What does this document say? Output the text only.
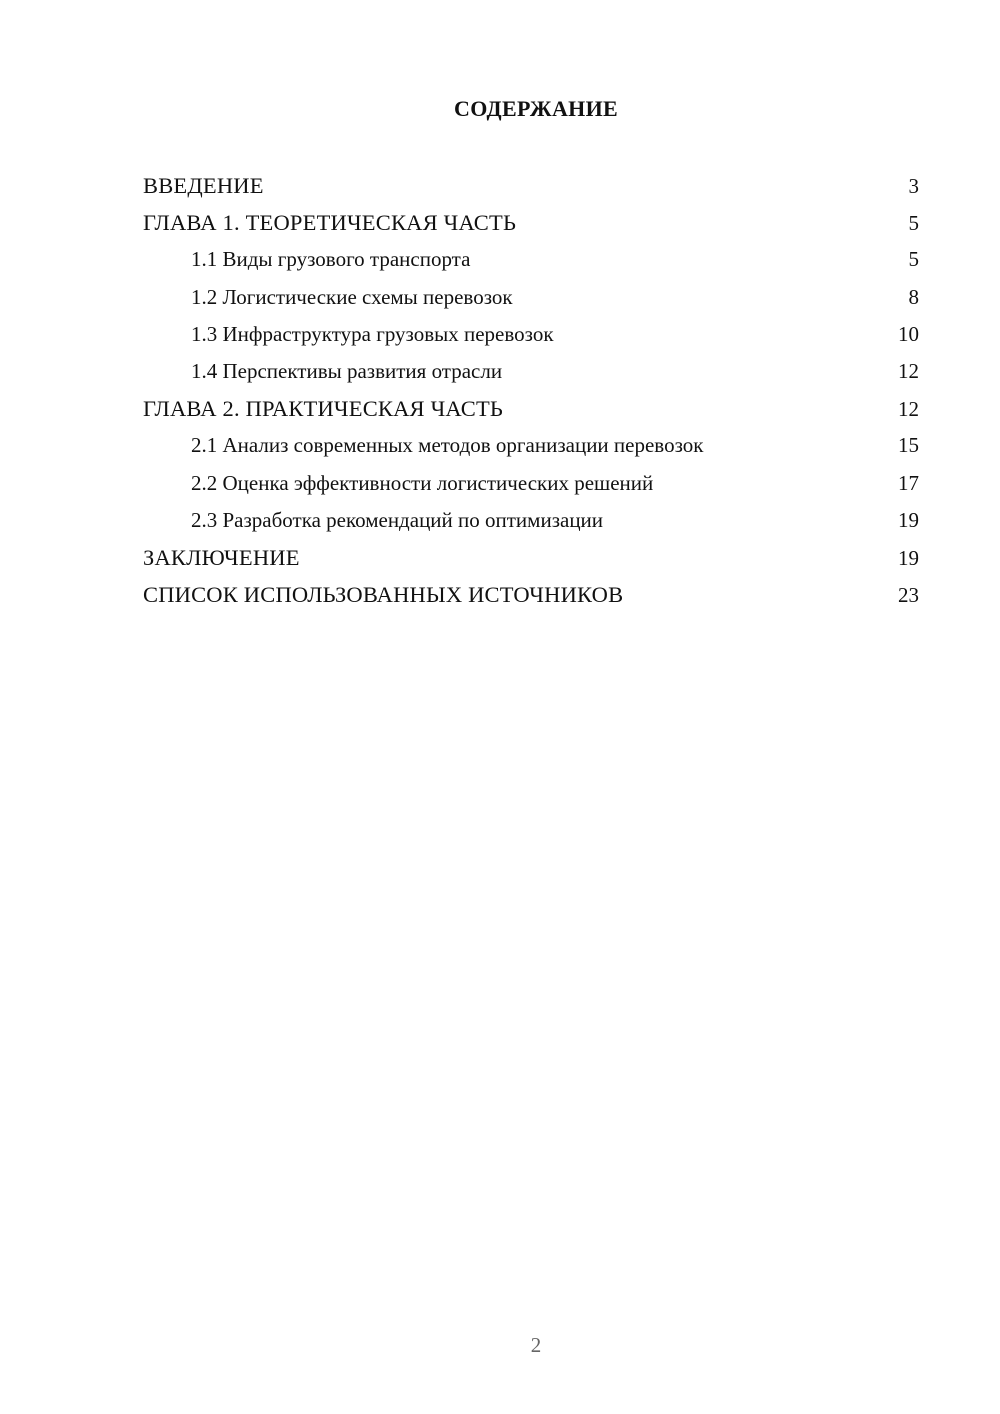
СОДЕРЖАНИЕ
ВВЕДЕНИЕ	3
ГЛАВА 1. ТЕОРЕТИЧЕСКАЯ ЧАСТЬ	5
1.1 Виды грузового транспорта	5
1.2 Логистические схемы перевозок	8
1.3 Инфраструктура грузовых перевозок	10
1.4 Перспективы развития отрасли	12
ГЛАВА 2. ПРАКТИЧЕСКАЯ ЧАСТЬ	12
2.1 Анализ современных методов организации перевозок	15
2.2 Оценка эффективности логистических решений	17
2.3 Разработка рекомендаций по оптимизации	19
ЗАКЛЮЧЕНИЕ	19
СПИСОК ИСПОЛЬЗОВАННЫХ ИСТОЧНИКОВ	23
2
